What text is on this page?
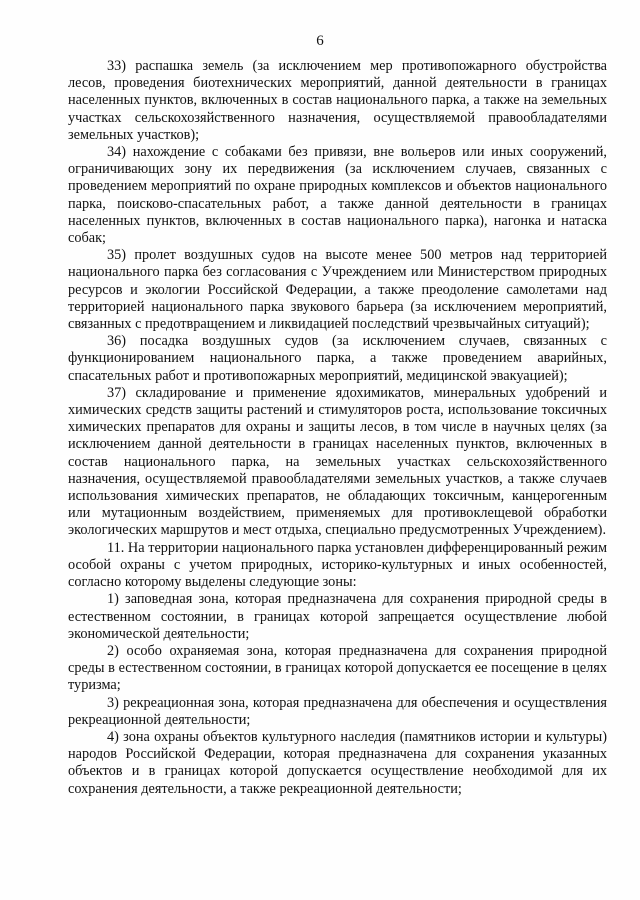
6

33) распашка земель (за исключением мер противопожарного обустройства лесов, проведения биотехнических мероприятий, данной деятельности в границах населенных пунктов, включенных в состав национального парка, а также на земельных участках сельскохозяйственного назначения, осуществляемой правообладателями земельных участков);

34) нахождение с собаками без привязи, вне вольеров или иных сооружений, ограничивающих зону их передвижения (за исключением случаев, связанных с проведением мероприятий по охране природных комплексов и объектов национального парка, поисково-спасательных работ, а также данной деятельности в границах населенных пунктов, включенных в состав национального парка), нагонка и натаска собак;

35) пролет воздушных судов на высоте менее 500 метров над территорией национального парка без согласования с Учреждением или Министерством природных ресурсов и экологии Российской Федерации, а также преодоление самолетами над территорией национального парка звукового барьера (за исключением мероприятий, связанных с предотвращением и ликвидацией последствий чрезвычайных ситуаций);

36) посадка воздушных судов (за исключением случаев, связанных с функционированием национального парка, а также проведением аварийных, спасательных работ и противопожарных мероприятий, медицинской эвакуацией);

37) складирование и применение ядохимикатов, минеральных удобрений и химических средств защиты растений и стимуляторов роста, использование токсичных химических препаратов для охраны и защиты лесов, в том числе в научных целях (за исключением данной деятельности в границах населенных пунктов, включенных в состав национального парка, на земельных участках сельскохозяйственного назначения, осуществляемой правообладателями земельных участков, а также случаев использования химических препаратов, не обладающих токсичным, канцерогенным или мутационным воздействием, применяемых для противоклещевой обработки экологических маршрутов и мест отдыха, специально предусмотренных Учреждением).

11. На территории национального парка установлен дифференцированный режим особой охраны с учетом природных, историко-культурных и иных особенностей, согласно которому выделены следующие зоны:

1) заповедная зона, которая предназначена для сохранения природной среды в естественном состоянии, в границах которой запрещается осуществление любой экономической деятельности;

2) особо охраняемая зона, которая предназначена для сохранения природной среды в естественном состоянии, в границах которой допускается ее посещение в целях туризма;

3) рекреационная зона, которая предназначена для обеспечения и осуществления рекреационной деятельности;

4) зона охраны объектов культурного наследия (памятников истории и культуры) народов Российской Федерации, которая предназначена для сохранения указанных объектов и в границах которой допускается осуществление необходимой для их сохранения деятельности, а также рекреационной деятельности;
